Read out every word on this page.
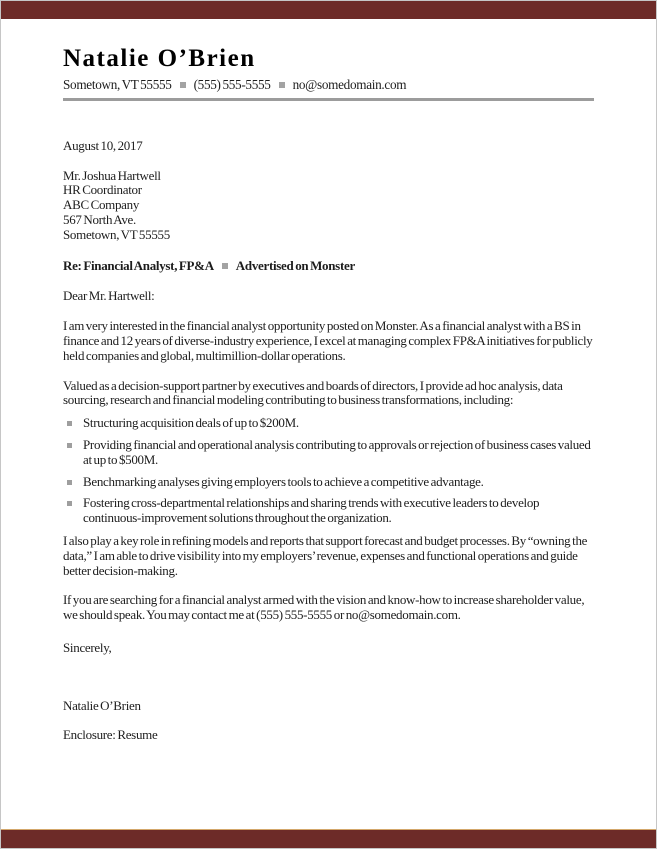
Natalie O’Brien
Sometown, VT 55555 (555) 555-5555 no@somedomain.com
August 10, 2017
Mr. Joshua Hartwell
HR Coordinator
ABC Company
567 North Ave.
Sometown, VT 55555
Re: Financial Analyst, FP&A Advertised on Monster
Dear Mr. Hartwell:

I am very interested in the financial analyst opportunity posted on Monster. As a financial analyst with a BS in finance and 12 years of diverse-industry experience, I excel at managing complex FP&A initiatives for publicly held companies and global, multimillion-dollar operations.

Valued as a decision-support partner by executives and boards of directors, I provide ad hoc analysis, data sourcing, research and financial modeling contributing to business transformations, including:

Structuring acquisition deals of up to $200M.
Providing financial and operational analysis contributing to approvals or rejection of business cases valued at up to $500M.
Benchmarking analyses giving employers tools to achieve a competitive advantage.
Fostering cross-departmental relationships and sharing trends with executive leaders to develop continuous-improvement solutions throughout the organization.

I also play a key role in refining models and reports that support forecast and budget processes. By “owning the data,” I am able to drive visibility into my employers’ revenue, expenses and functional operations and guide better decision-making.

If you are searching for a financial analyst armed with the vision and know-how to increase shareholder value, we should speak. You may contact me at (555) 555-5555 or no@somedomain.com.

Sincerely,
Natalie O’Brien
Enclosure: Resume
